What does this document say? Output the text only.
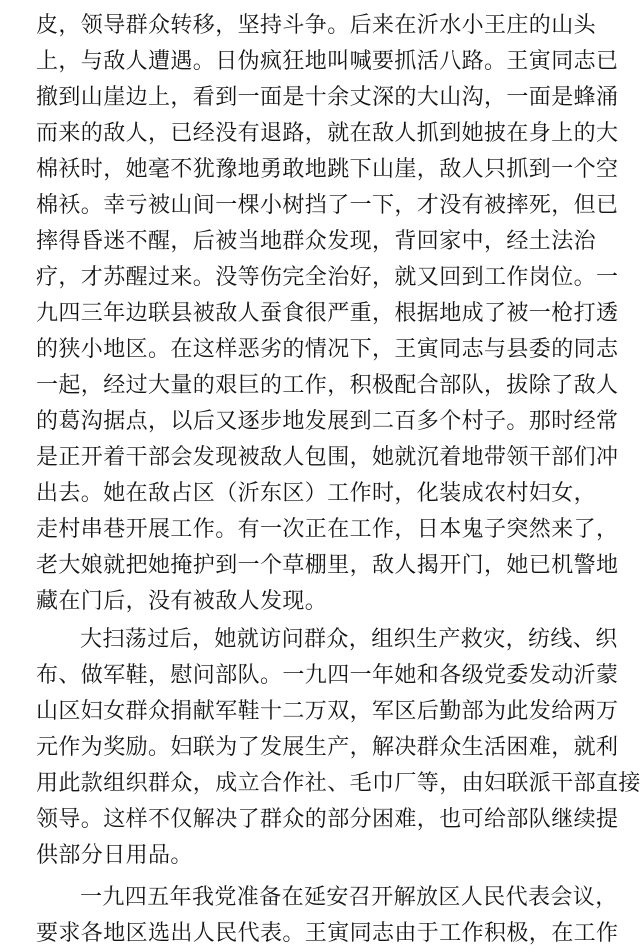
皮，领导群众转移，坚持斗争。后来在沂水小王庄的山头
上，与敌人遭遇。日伪疯狂地叫喊要抓活八路。王寅同志已
撤到山崖边上，看到一面是十余丈深的大山沟，一面是蜂涌
而来的敌人，已经没有退路，就在敌人抓到她披在身上的大
棉袄时，她毫不犹豫地勇敢地跳下山崖，敌人只抓到一个空
棉袄。幸亏被山间一棵小树挡了一下，才没有被摔死，但已
摔得昏迷不醒，后被当地群众发现，背回家中，经土法治
疗，才苏醒过来。没等伤完全治好，就又回到工作岗位。一
九四三年边联县被敌人蚕食很严重，根据地成了被一枪打透
的狭小地区。在这样恶劣的情况下，王寅同志与县委的同志
一起，经过大量的艰巨的工作，积极配合部队，拔除了敌人
的葛沟据点，以后又逐步地发展到二百多个村子。那时经常
是正开着干部会发现被敌人包围，她就沉着地带领干部们冲
出去。她在敌占区（沂东区）工作时，化装成农村妇女，
走村串巷开展工作。有一次正在工作，日本鬼子突然来了，
老大娘就把她掩护到一个草棚里，敌人揭开门，她已机警地
藏在门后，没有被敌人发现。
大扫荡过后，她就访问群众，组织生产救灾，纺线、织
布、做军鞋，慰问部队。一九四一年她和各级党委发动沂蒙
山区妇女群众捐献军鞋十二万双，军区后勤部为此发给两万
元作为奖励。妇联为了发展生产，解决群众生活困难，就利
用此款组织群众，成立合作社、毛巾厂等，由妇联派干部直接
领导。这样不仅解决了群众的部分困难，也可给部队继续提
供部分日用品。
一九四五年我党准备在延安召开解放区人民代表会议，
要求各地区选出人民代表。王寅同志由于工作积极，在工作
